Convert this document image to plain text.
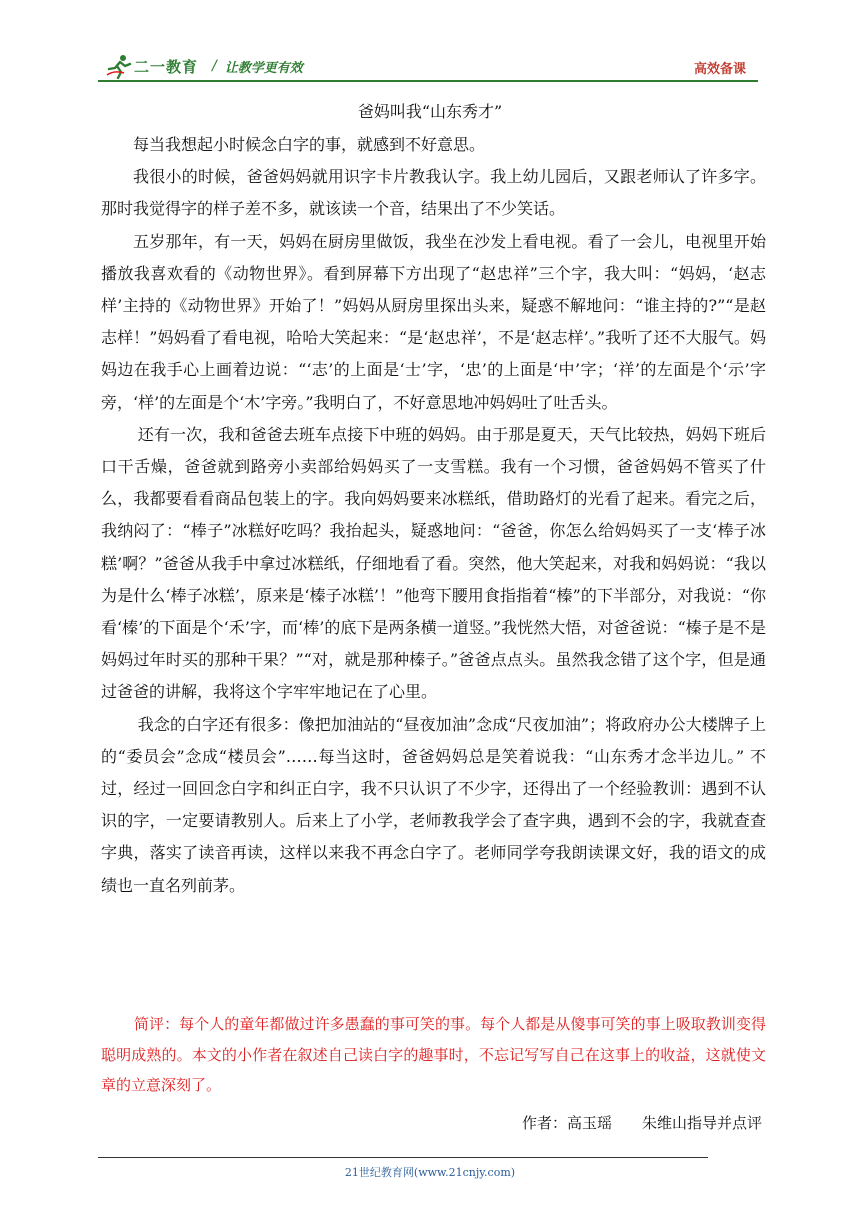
二一教育 / 让教学更有效	高效备课
爸妈叫我“山东秀才”

每当我想起小时候念白字的事，就感到不好意思。

我很小的时候，爸爸妈妈就用识字卡片教我认字。我上幼儿园后，又跟老师认了许多字。那时我觉得字的样子差不多，就该读一个音，结果出了不少笑话。

五岁那年，有一天，妈妈在厨房里做饭，我坐在沙发上看电视。看了一会儿，电视里开始播放我喜欢看的《动物世界》。看到屏幕下方出现了“赵忠祥”三个字，我大叫：“妈妈，‘赵志样’主持的《动物世界》开始了！”妈妈从厨房里探出头来，疑惑不解地问：“谁主持的?”“是赵志样！”妈妈看了看电视，哈哈大笑起来：“是‘赵忠祥’，不是‘赵志样’。”我听了还不大服气。妈妈边在我手心上画着边说：“‘志’的上面是‘士’字，‘忠’的上面是‘中’字；‘祥’的左面是个‘示’字旁，‘样’的左面是个‘木’字旁。”我明白了，不好意思地冲妈妈吐了吐舌头。

还有一次，我和爸爸去班车点接下中班的妈妈。由于那是夏天，天气比较热，妈妈下班后口干舌燥，爸爸就到路旁小卖部给妈妈买了一支雪糕。我有一个习惯，爸爸妈妈不管买了什么，我都要看看商品包装上的字。我向妈妈要来冰糕纸，借助路灯的光看了起来。看完之后，我纳闷了：“棒子”冰糕好吃吗？我抬起头，疑惑地问：“爸爸，你怎么给妈妈买了一支‘棒子冰糕’啊？”爸爸从我手中拿过冰糕纸，仔细地看了看。突然，他大笑起来，对我和妈妈说：“我以为是什么‘棒子冰糕’，原来是‘榛子冰糕’！”他弯下腰用食指指着“榛”的下半部分，对我说：“你看‘榛’的下面是个‘禾’字，而‘棒’的底下是两条横一道竖。”我恍然大悟，对爸爸说：“榛子是不是妈妈过年时买的那种干果？”“对，就是那种榛子。”爸爸点点头。虽然我念错了这个字，但是通过爸爸的讲解，我将这个字牢牢地记在了心里。

我念的白字还有很多：像把加油站的“昼夜加油”念成“尺夜加油”；将政府办公大楼牌子上的“委员会”念成“楼员会”……每当这时，爸爸妈妈总是笑着说我：“山东秀才念半边儿。” 不过，经过一回回念白字和纠正白字，我不只认识了不少字，还得出了一个经验教训：遇到不认识的字，一定要请教别人。后来上了小学，老师教我学会了查字典，遇到不会的字，我就查查字典，落实了读音再读，这样以来我不再念白字了。老师同学夸我朗读课文好，我的语文的成绩也一直名列前茅。

简评：每个人的童年都做过许多愚蠢的事可笑的事。每个人都是从傻事可笑的事上吸取教训变得聪明成熟的。本文的小作者在叙述自己读白字的趣事时，不忘记写写自己在这事上的收益，这就使文章的立意深刻了。
作者：高玉瑶 朱维山指导并点评
21世纪教育网(www.21cnjy.com)
